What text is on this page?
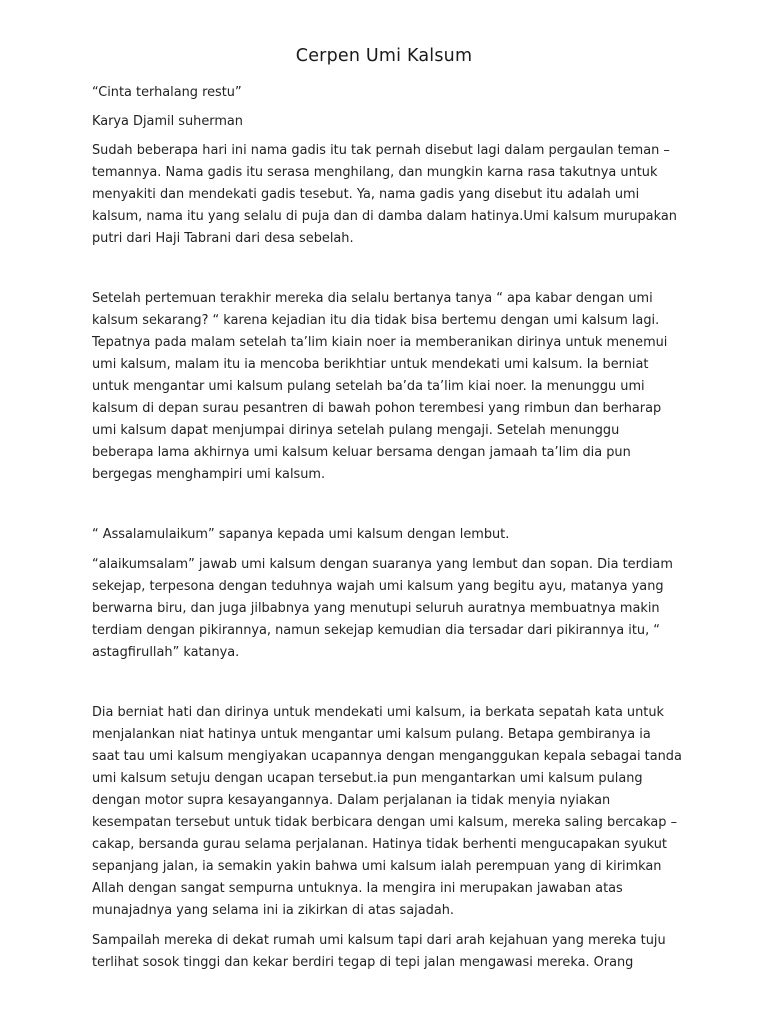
Cerpen Umi Kalsum

“Cinta terhalang restu”

Karya Djamil suherman

Sudah beberapa hari ini nama gadis itu tak pernah disebut lagi dalam pergaulan teman – temannya. Nama gadis itu serasa menghilang, dan mungkin karna rasa takutnya untuk menyakiti dan mendekati gadis tesebut. Ya, nama gadis yang disebut itu adalah umi kalsum, nama itu yang selalu di puja dan di damba dalam hatinya.Umi kalsum murupakan putri dari Haji Tabrani dari desa sebelah.

Setelah pertemuan terakhir mereka dia selalu bertanya tanya “ apa kabar dengan umi kalsum sekarang? “ karena kejadian itu dia tidak bisa bertemu dengan umi kalsum lagi. Tepatnya pada malam setelah ta’lim kiain noer ia memberanikan dirinya untuk menemui umi kalsum, malam itu ia mencoba berikhtiar untuk mendekati umi kalsum. Ia berniat untuk mengantar umi kalsum pulang setelah ba’da ta’lim kiai noer. Ia menunggu umi kalsum di depan surau pesantren di bawah pohon terembesi yang rimbun dan berharap umi kalsum dapat menjumpai dirinya setelah pulang mengaji. Setelah menunggu beberapa lama akhirnya umi kalsum keluar bersama dengan jamaah ta’lim dia pun bergegas menghampiri umi kalsum.

“ Assalamulaikum” sapanya kepada umi kalsum dengan lembut.

“alaikumsalam” jawab umi kalsum dengan suaranya yang lembut dan sopan. Dia terdiam sekejap, terpesona dengan teduhnya wajah umi kalsum yang begitu ayu, matanya yang berwarna biru, dan juga jilbabnya yang menutupi seluruh auratnya membuatnya makin terdiam dengan pikirannya, namun sekejap kemudian dia tersadar dari pikirannya itu, “ astagfirullah” katanya.

Dia berniat hati dan dirinya untuk mendekati umi kalsum, ia berkata sepatah kata untuk menjalankan niat hatinya untuk mengantar umi kalsum pulang. Betapa gembiranya ia saat tau umi kalsum mengiyakan ucapannya dengan menganggukan kepala sebagai tanda umi kalsum setuju dengan ucapan tersebut.ia pun mengantarkan umi kalsum pulang dengan motor supra kesayangannya. Dalam perjalanan ia tidak menyia nyiakan kesempatan tersebut untuk tidak berbicara dengan umi kalsum, mereka saling bercakap – cakap, bersanda gurau selama perjalanan. Hatinya tidak berhenti mengucapakan syukut sepanjang jalan, ia semakin yakin bahwa umi kalsum ialah perempuan yang di kirimkan Allah dengan sangat sempurna untuknya. Ia mengira ini merupakan jawaban atas munajadnya yang selama ini ia zikirkan di atas sajadah.

Sampailah mereka di dekat rumah umi kalsum tapi dari arah kejahuan yang mereka tuju terlihat sosok tinggi dan kekar berdiri tegap di tepi jalan mengawasi mereka. Orang
